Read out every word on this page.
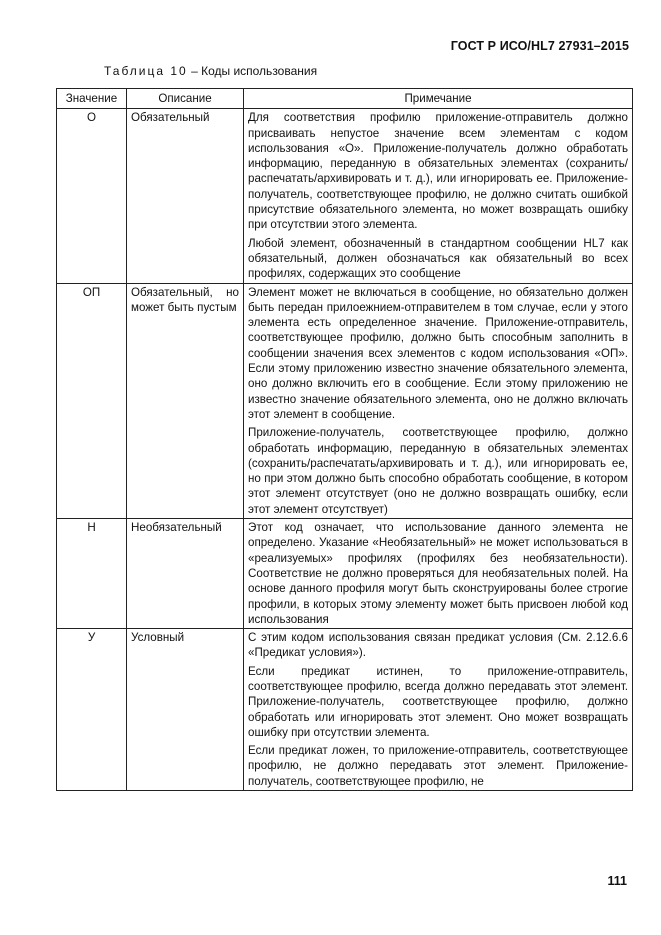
ГОСТ Р ИСО/HL7 27931–2015
Таблица 10 – Коды использования
Значение	Описание	Примечание
О	Обязательный	Для соответствия профилю приложение-отправитель должно присваивать непустое значение всем элементам с кодом использования «О». Приложение-получатель должно обработать информацию, переданную в обязательных элементах (сохранить/распечатать/архивировать и т. д.), или игнорировать ее. Приложение-получатель, соответствующее профилю, не должно считать ошибкой присутствие обязательного элемента, но может возвращать ошибку при отсутствии этого элемента.

Любой элемент, обозначенный в стандартном сообщении HL7 как обязательный, должен обозначаться как обязательный во всех профилях, содержащих это сообщение

ОП	Обязательный, но может быть пустым	Элемент может не включаться в сообщение, но обязательно должен быть передан прилоежнием-отправителем в том случае, если у этого элемента есть определенное значение. Приложение-отправитель, соответствующее профилю, должно быть способным заполнить в сообщении значения всех элементов с кодом использования «ОП». Если этому приложению известно значение обязательного элемента, оно должно включить его в сообщение. Если этому приложению не известно значение обязательного элемента, оно не должно включать этот элемент в сообщение.

Приложение-получатель, соответствующее профилю, должно обработать информацию, переданную в обязательных элементах (сохранить/распечатать/архивировать и т. д.), или игнорировать ее, но при этом должно быть способно обработать сообщение, в котором этот элемент отсутствует (оно не должно возвращать ошибку, если этот элемент отсутствует)

Н	Необязательный	Этот код означает, что использование данного элемента не определено. Указание «Необязательный» не может использоваться в «реализуемых» профилях (профилях без необязательности). Соответствие не должно проверяться для необязательных полей. На основе данного профиля могут быть сконструированы более строгие профили, в которых этому элементу может быть присвоен любой код использования

У	Условный	С этим кодом использования связан предикат условия (См. 2.12.6.6 «Предикат условия»).

Если предикат истинен, то приложение-отправитель, соответствующее профилю, всегда должно передавать этот элемент. Приложение-получатель, соответствующее профилю, должно обработать или игнорировать этот элемент. Оно может возвращать ошибку при отсутствии элемента.

Если предикат ложен, то приложение-отправитель, соответствующее профилю, не должно передавать этот элемент. Приложение-получатель, соответствующее профилю, не

111
